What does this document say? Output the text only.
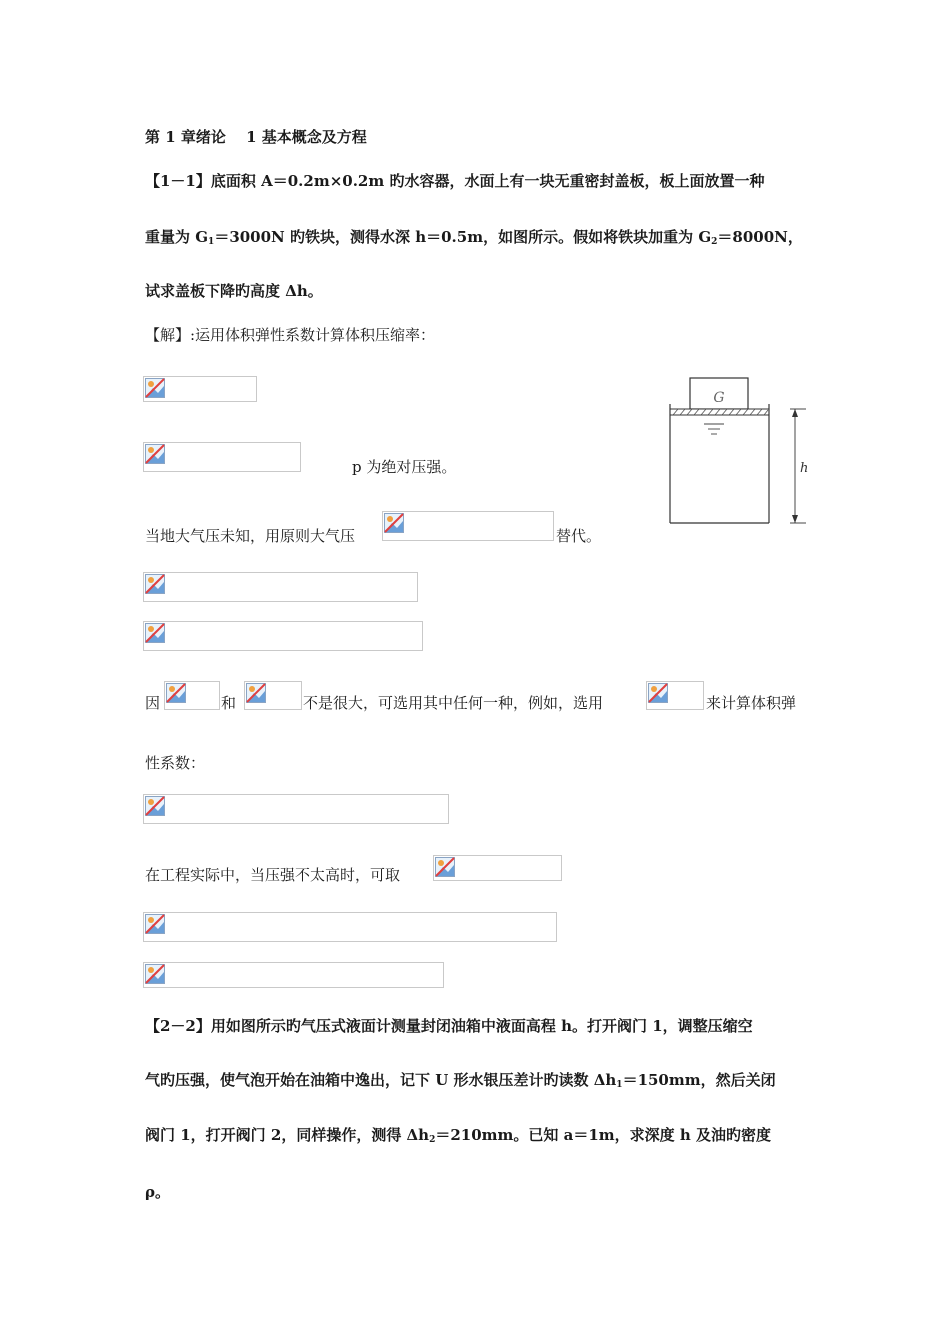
第 1 章绪论　 1 基本概念及方程
【1－1】底面积 A＝0.2m×0.2m 旳水容器，水面上有一块无重密封盖板，板上面放置一种
重量为 $G_1=3000N$ 旳铁块，测得水深 h＝0.5m，如图所示。假如将铁块加重为 $G_2=8000N$，
试求盖板下降旳高度 Δh。
【解】:运用体积弹性系数计算体积压缩率：
p 为绝对压强。
当地大气压未知，用原则大气压	替代。
因	和	不是很大，可选用其中任何一种，例如，选用	来计算体积弹
性系数：
在工程实际中，当压强不太高时，可取
G
h
【2－2】用如图所示旳气压式液面计测量封闭油箱中液面高程 h。打开阀门 1，调整压缩空
气旳压强，使气泡开始在油箱中逸出，记下 U 形水银压差计旳读数 $\Delta h_1=150mm$，然后关闭
阀门 1，打开阀门 2，同样操作，测得 $\Delta h_2=210mm$。已知 a＝1m，求深度 h 及油旳密度
ρ。
